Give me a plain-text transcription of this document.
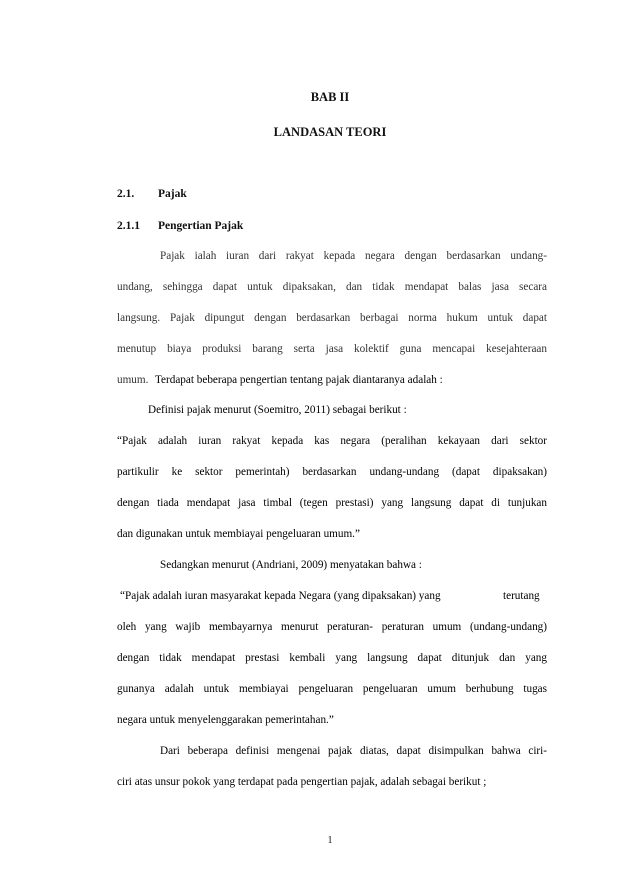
BAB II
LANDASAN TEORI
2.1. Pajak
2.1.1 Pengertian Pajak
Pajak ialah iuran dari rakyat kepada negara dengan berdasarkan undang-
undang, sehingga dapat untuk dipaksakan, dan tidak mendapat balas jasa secara
langsung. Pajak dipungut dengan berdasarkan berbagai norma hukum untuk dapat
menutup biaya produksi barang serta jasa kolektif guna mencapai kesejahteraan
umum. Terdapat beberapa pengertian tentang pajak diantaranya adalah :
Definisi pajak menurut (Soemitro, 2011) sebagai berikut :
“Pajak adalah iuran rakyat kepada kas negara (peralihan kekayaan dari sektor
partikulir ke sektor pemerintah) berdasarkan undang-undang (dapat dipaksakan)
dengan tiada mendapat jasa timbal (tegen prestasi) yang langsung dapat di tunjukan
dan digunakan untuk membiayai pengeluaran umum.”
Sedangkan menurut (Andriani, 2009) menyatakan bahwa :
“Pajak adalah iuran masyarakat kepada Negara (yang dipaksakan) yang	terutang
oleh yang wajib membayarnya menurut peraturan- peraturan umum (undang-undang)
dengan tidak mendapat prestasi kembali yang langsung dapat ditunjuk dan yang
gunanya adalah untuk membiayai pengeluaran pengeluaran umum berhubung tugas
negara untuk menyelenggarakan pemerintahan.”
Dari beberapa definisi mengenai pajak diatas, dapat disimpulkan bahwa ciri-
ciri atas unsur pokok yang terdapat pada pengertian pajak, adalah sebagai berikut ;
1
